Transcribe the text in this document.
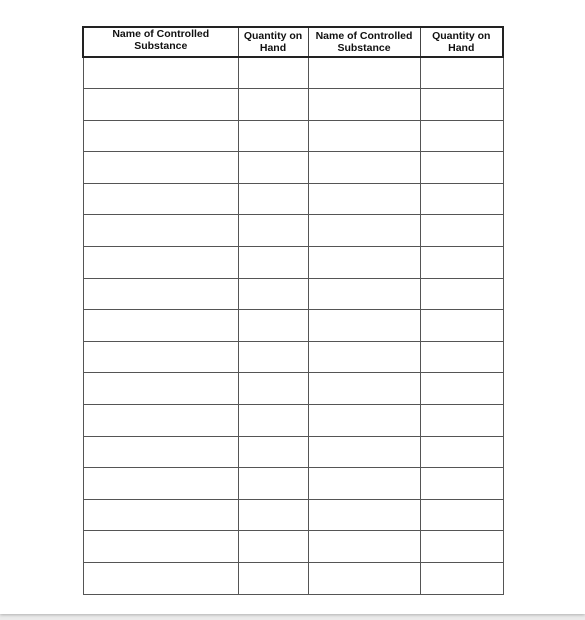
Name of Controlled Substance	Quantity on Hand	Name of Controlled Substance	Quantity on Hand
